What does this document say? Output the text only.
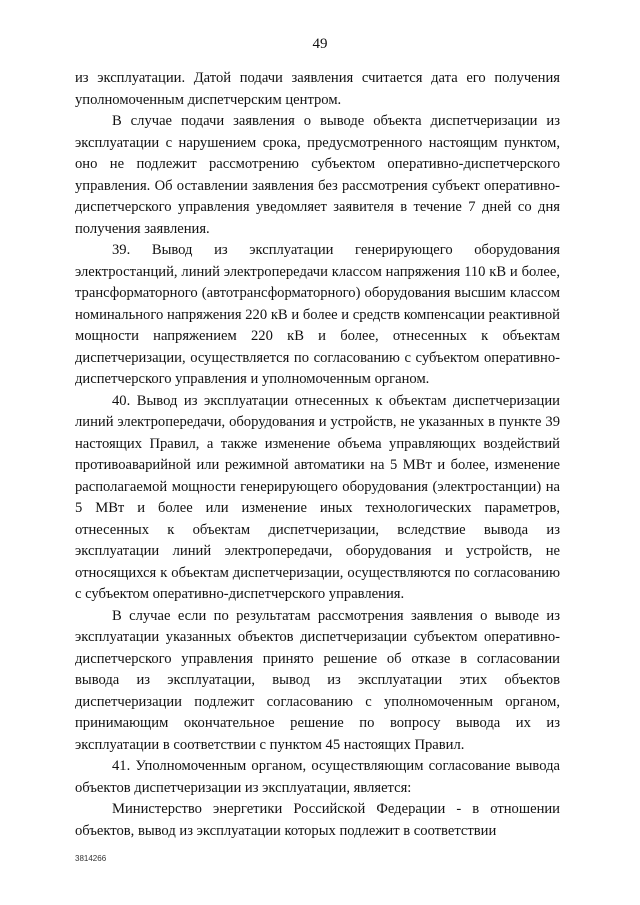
49

из эксплуатации. Датой подачи заявления считается дата его получения уполномоченным диспетчерским центром.

В случае подачи заявления о выводе объекта диспетчеризации из эксплуатации с нарушением срока, предусмотренного настоящим пунктом, оно не подлежит рассмотрению субъектом оперативно-диспетчерского управления. Об оставлении заявления без рассмотрения субъект оперативно-диспетчерского управления уведомляет заявителя в течение 7 дней со дня получения заявления.

39. Вывод из эксплуатации генерирующего оборудования электростанций, линий электропередачи классом напряжения 110 кВ и более, трансформаторного (автотрансформаторного) оборудования высшим классом номинального напряжения 220 кВ и более и средств компенсации реактивной мощности напряжением 220 кВ и более, отнесенных к объектам диспетчеризации, осуществляется по согласованию с субъектом оперативно-диспетчерского управления и уполномоченным органом.

40. Вывод из эксплуатации отнесенных к объектам диспетчеризации линий электропередачи, оборудования и устройств, не указанных в пункте 39 настоящих Правил, а также изменение объема управляющих воздействий противоаварийной или режимной автоматики на 5 МВт и более, изменение располагаемой мощности генерирующего оборудования (электростанции) на 5 МВт и более или изменение иных технологических параметров, отнесенных к объектам диспетчеризации, вследствие вывода из эксплуатации линий электропередачи, оборудования и устройств, не относящихся к объектам диспетчеризации, осуществляются по согласованию с субъектом оперативно-диспетчерского управления.

В случае если по результатам рассмотрения заявления о выводе из эксплуатации указанных объектов диспетчеризации субъектом оперативно-диспетчерского управления принято решение об отказе в согласовании вывода из эксплуатации, вывод из эксплуатации этих объектов диспетчеризации подлежит согласованию с уполномоченным органом, принимающим окончательное решение по вопросу вывода их из эксплуатации в соответствии с пунктом 45 настоящих Правил.

41. Уполномоченным органом, осуществляющим согласование вывода объектов диспетчеризации из эксплуатации, является:

Министерство энергетики Российской Федерации - в отношении объектов, вывод из эксплуатации которых подлежит в соответствии

3814266
